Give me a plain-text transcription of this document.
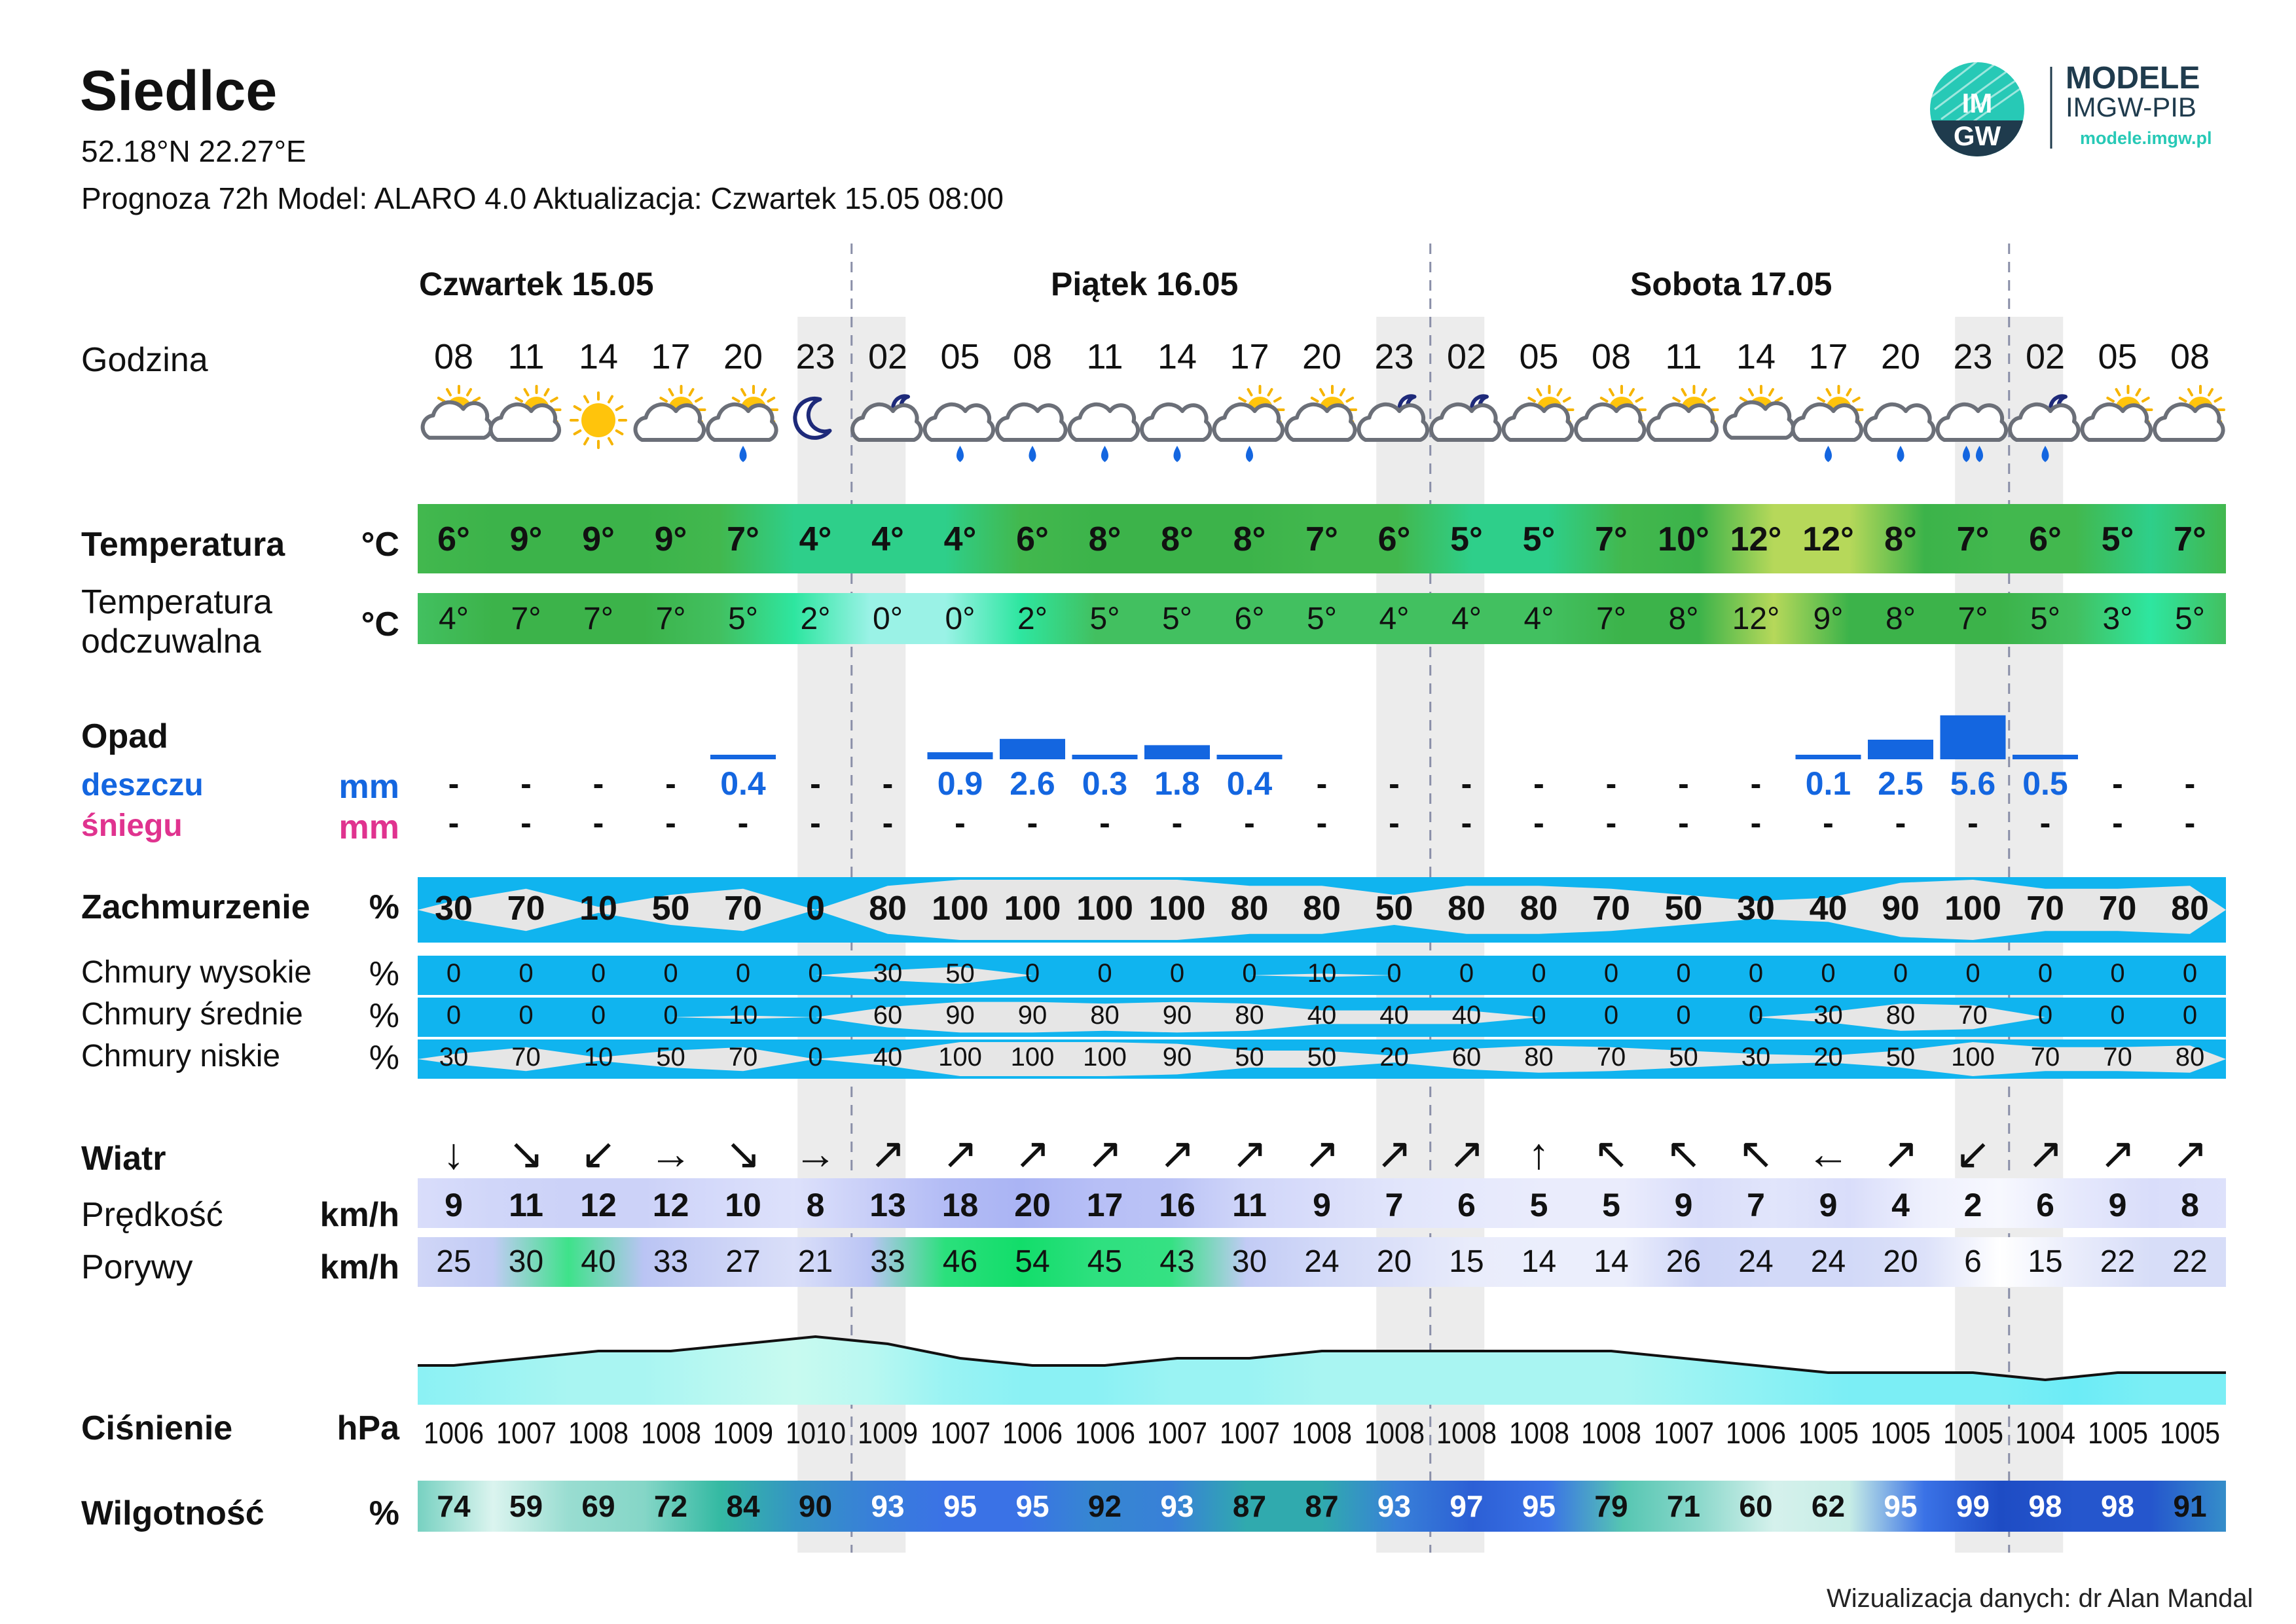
Siedlce
52.18°N 22.27°E
Prognoza 72h Model: ALARO 4.0 Aktualizacja: Czwartek 15.05 08:00
IM
GW
MODELE
IMGW-PIB
modele.imgw.pl
Czwartek 15.05	Piątek 16.05	Sobota 17.05
Godzina
Temperatura	°C
Temperatura
odczuwalna	°C
Opad
deszczu	mm
śniegu	mm
Zachmurzenie	%
Chmury wysokie	%
Chmury średnie	%
Chmury niskie	%
Wiatr
Prędkość	km/h
Porywy	km/h
Ciśnienie	hPa
Wilgotność	%
08 11 14 17 20 23 02 05 08 11 14 17 20 23 02 05 08 11 14 17 20 23 02 05 08
6°	9°	9°	9°	7°	4°	4°	4°	6°	8°	8°	8°	7°	6°	5°	5°	7° 10° 12° 12° 8°	7°	6°	5°	7°
4°	7°	7°	7°	5°	2°	0°	0°	2°	5°	5°	6°	5°	4°	4°	4°	7°	8°	12°	9°	8°	7°	5°	3°	5°
-	-	-	-	0.4	-	-	0.9 2.6 0.3 1.8 0.4	-	-	-	-	-	-	-	0.1 2.5 5.6 0.5	-	-
-	-	-	-	-	-	-	-	-	-	-	-	-	-	-	-	-	-	-	-	-	-	-	-	-
30	70	10	50	70	0	80 100 100 100 100 80	80	50	80	80	70	50	30	40	90 100 70	70	80
0	0	0	0	0	0	30	50	0	0	0	0	10	0	0	0	0	0	0	0	0	0	0	0	0
0	0	0	0	10	0	60	90	90	80	90	80	40	40	40	0	0	0	0	30	80	70	0	0	0
30	70	10	50	70	0	40	100	100	100	90	50	50	20	60	80	70	50	30	20	50	100	70	70	80
↓	↘ ↙ → ↘ → ↗ ↗ ↗ ↗ ↗ ↗ ↗ ↗ ↗	↑	↖ ↖ ↖ ← ↗ ↙ ↗ ↗ ↗
9	11	12	12	10	8	13	18	20	17	16	11	9	7	6	5	5	9	7	9	4	2	6	9	8
25	30	40	33	27	21	33	46	54	45	43	30	24	20	15	14	14	26	24	24	20	6	15	22	22
1006 1007 1008 1008 1009 1010 1009 1007 1006 1006 1007 1007 1008 1008 1008 1008 1008 1007 1006 1005 1005 1005 1004 1005 1005
74	59	69	72	84	90	93	95	95	92	93	87	87	93	97	95	79	71	60	62	95	99	98	98	91
Wizualizacja danych: dr Alan Mandal
